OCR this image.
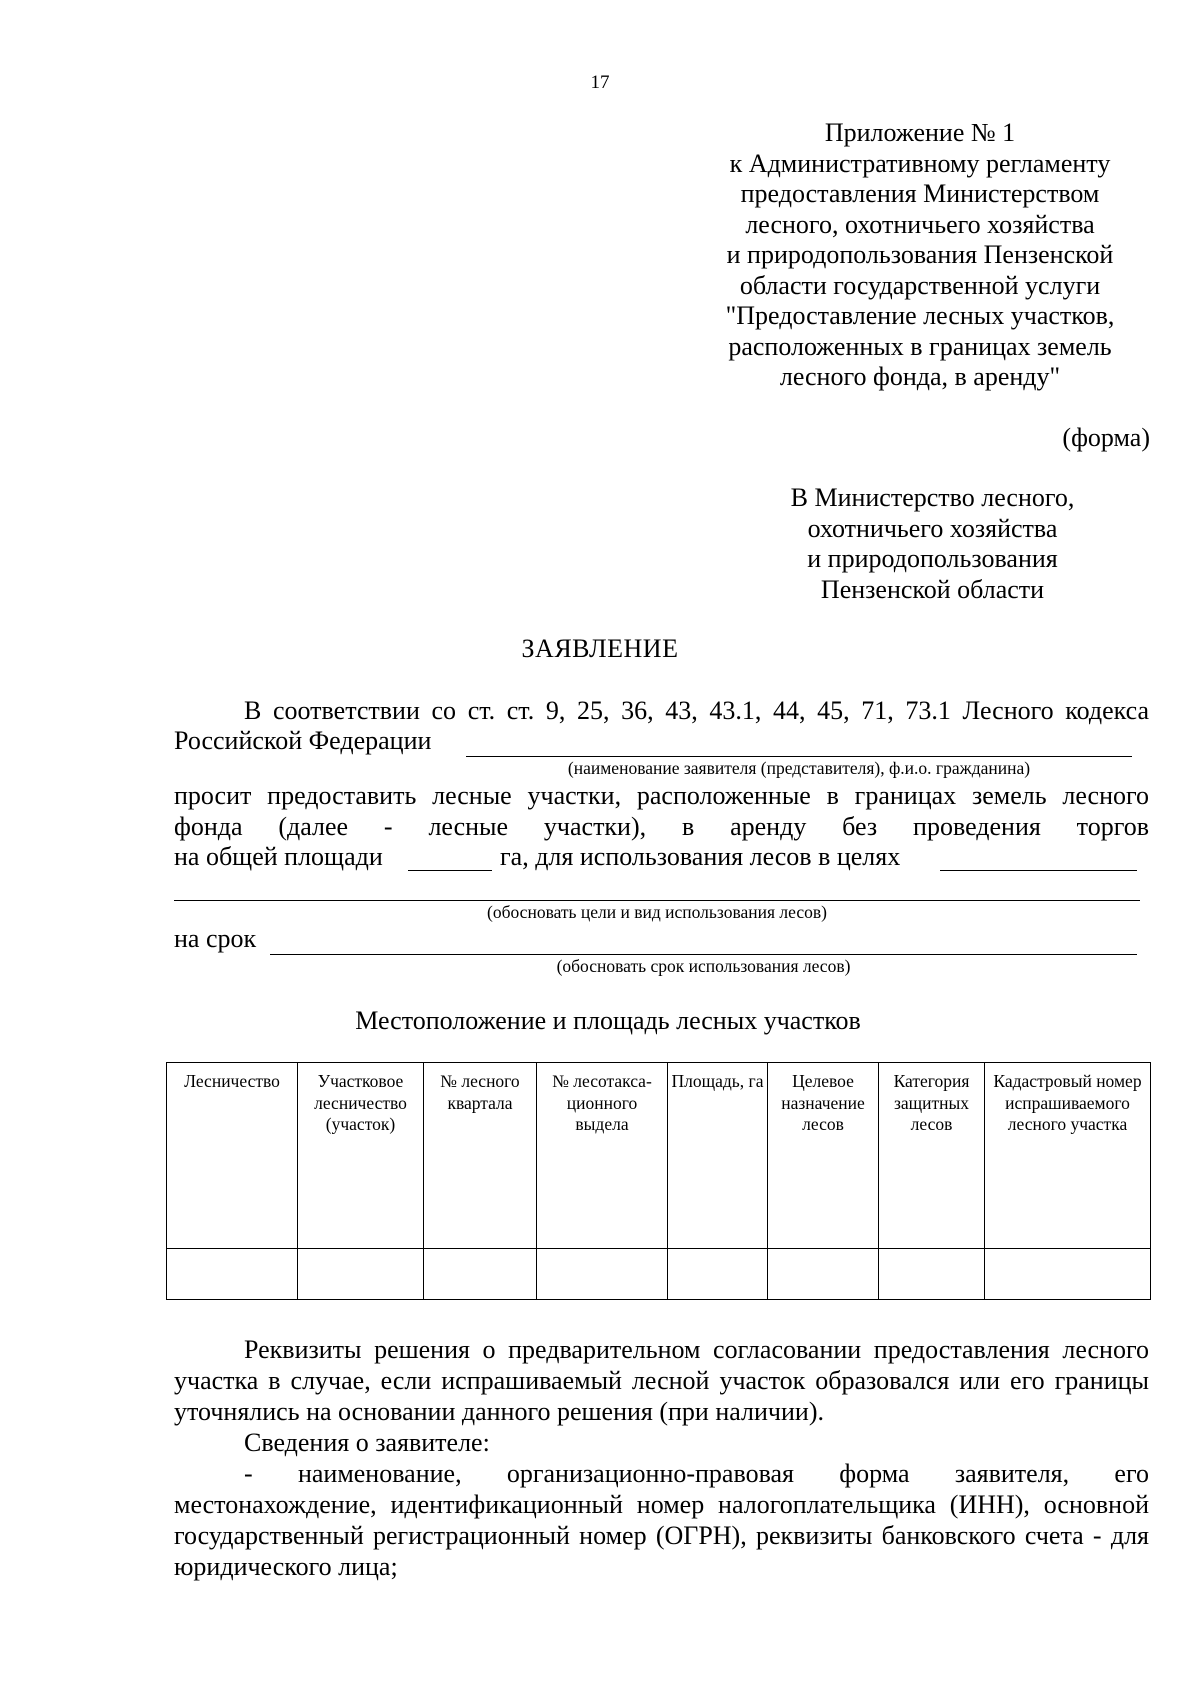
17
Приложение № 1
к Административному регламенту
предоставления Министерством
лесного, охотничьего хозяйства
и природопользования Пензенской
области государственной услуги
"Предоставление лесных участков,
расположенных в границах земель
лесного фонда, в аренду"
(форма)
В Министерство лесного,
охотничьего хозяйства
и природопользования
Пензенской области
ЗАЯВЛЕНИЕ
В соответствии со ст. ст. 9, 25, 36, 43, 43.1, 44, 45, 71, 73.1 Лесного кодекса
Российской Федерации
(наименование заявителя (представителя), ф.и.о. гражданина)
просит предоставить лесные участки, расположенные в границах земель лесного фонда (далее - лесные участки), в аренду без проведения торгов
на общей площади	га, для использования лесов в целях
(обосновать цели и вид использования лесов)
на срок
(обосновать срок использования лесов)
Местоположение и площадь лесных участков
Лесничество	Участковое лесничество (участок)	№ лесного квартала	№ лесотакса-ционного выдела	Площадь, га	Целевое назначение лесов	Категория защитных лесов	Кадастровый номер испрашиваемого лесного участка

Реквизиты решения о предварительном согласовании предоставления лесного участка в случае, если испрашиваемый лесной участок образовался или его границы уточнялись на основании данного решения (при наличии).

Сведения о заявителе:

- наименование, организационно-правовая форма заявителя, его местонахождение, идентификационный номер налогоплательщика (ИНН), основной государственный регистрационный номер (ОГРН), реквизиты банковского счета - для юридического лица;
